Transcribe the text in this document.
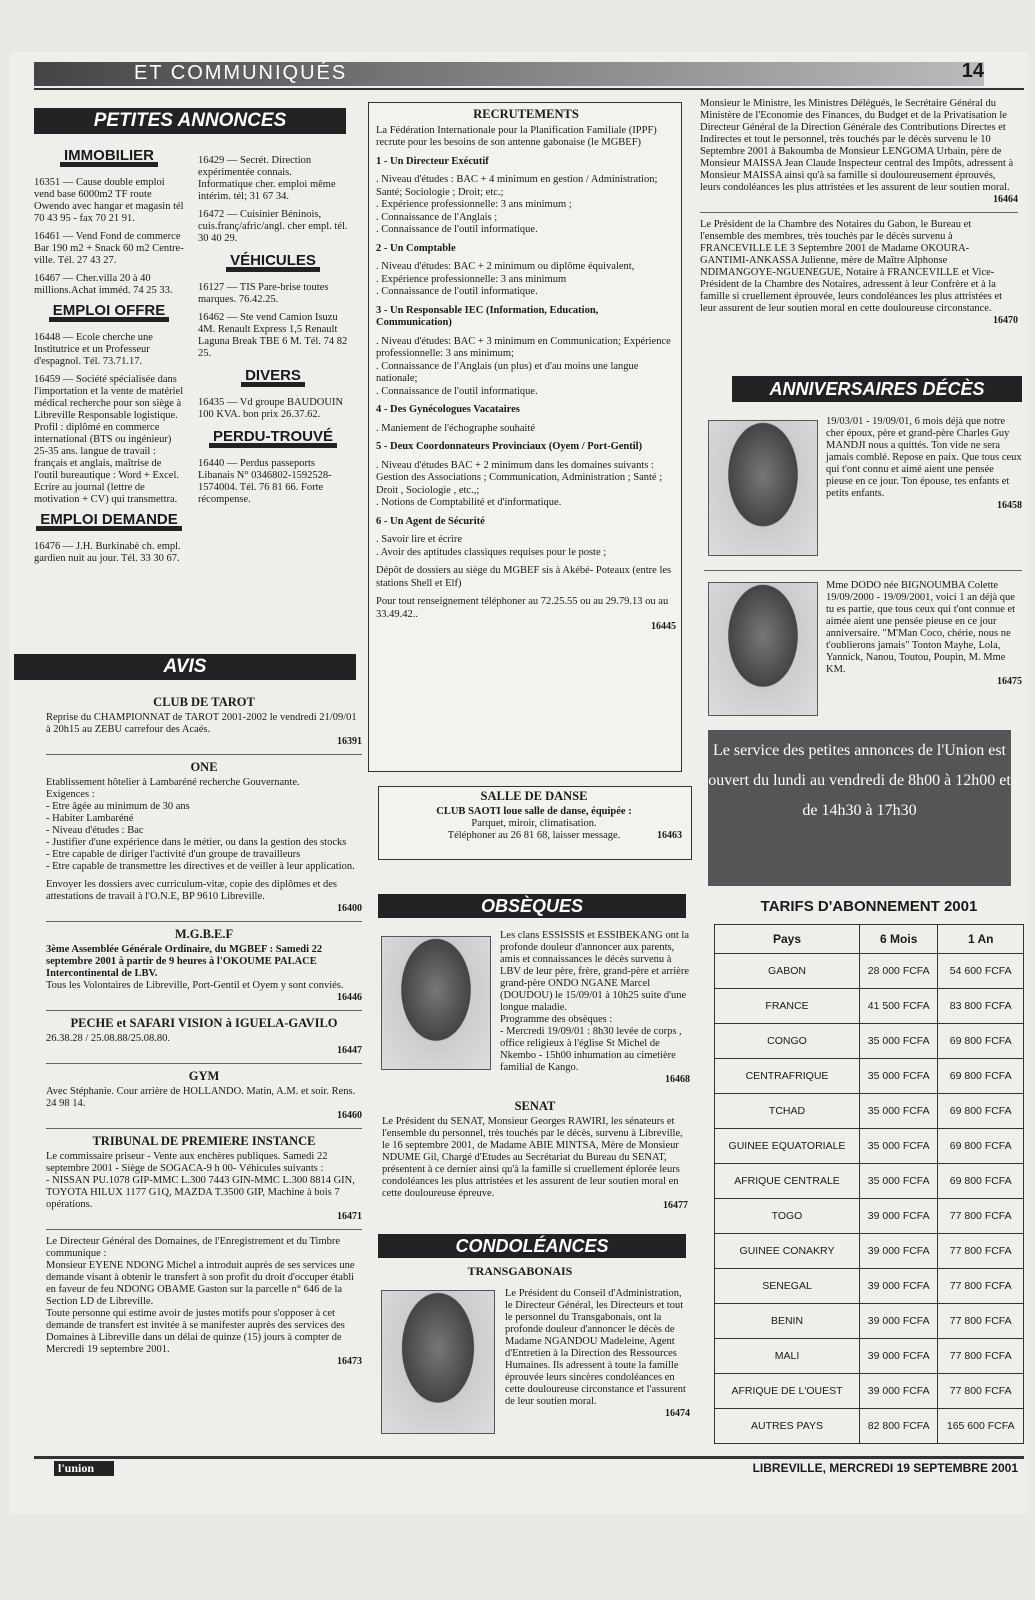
ET COMMUNIQUÉS	14
PETITES ANNONCES
IMMOBILIER

16351 — Cause double emploi vend base 6000m2 TF route Owendo avec hangar et magasin tél 70 43 95 - fax 70 21 91.

16461 — Vend Fond de commerce Bar 190 m2 + Snack 60 m2 Centre-ville. Tél. 27 43 27.

16467 — Cher.villa 20 à 40 millions.Achat imméd. 74 25 33.

EMPLOI OFFRE

16448 — Ecole cherche une Institutrice et un Professeur d'espagnol. Tél. 73.71.17.

16459 — Société spécialisée dans l'importation et la vente de matériel médical recherche pour son siège à Libreville Responsable logistique. Profil : diplômé en commerce international (BTS ou ingénieur) 25-35 ans. langue de travail : français et anglais, maîtrise de l'outil bureautique : Word + Excel. Ecrire au journal (lettre de motivation + CV) qui transmettra.

EMPLOI DEMANDE

16476 — J.H. Burkinabè ch. empl. gardien nuit au jour. Tél. 33 30 67.

16429 — Secrét. Direction expérimentée connais. Informatique cher. emploi même intérim. tél; 31 67 34.

16472 — Cuisinier Béninois, cuis.franç/afric/angl. cher empl. tél. 30 40 29.

VÉHICULES

16127 — TIS Pare-brise toutes marques. 76.42.25.

16462 — Ste vend Camion Isuzu 4M. Renault Express 1,5 Renault Laguna Break TBE 6 M. Tél. 74 82 25.

DIVERS

16435 — Vd groupe BAUDOUIN 100 KVA. bon prix 26.37.62.

PERDU-TROUVÉ

16440 — Perdus passeports Libanais N° 0346802-1592528-1574004. Tél. 76 81 66. Forte récompense.

AVIS
CLUB DE TAROT

Reprise du CHAMPIONNAT de TAROT 2001-2002 le vendredi 21/09/01 à 20h15 au ZEBU carrefour des Acaés.

16391
ONE
Etablissement hôtelier à Lambaréné recherche Gouvernante.
Exigences :
- Etre âgée au minimum de 30 ans
- Habiter Lambaréné
- Niveau d'études : Bac
- Justifier d'une expérience dans le métier, ou dans la gestion des stocks
- Etre capable de diriger l'activité d'un groupe de travailleurs
- Etre capable de transmettre les directives et de veiller à leur application.

Envoyer les dossiers avec curriculum-vitæ, copie des diplômes et des attestations de travail à l'O.N.E, BP 9610 Libreville.

16400
M.G.B.E.F
3ème Assemblée Générale Ordinaire, du MGBEF : Samedi 22 septembre 2001 à partir de 9 heures à l'OKOUME PALACE Intercontinental de LBV.
Tous les Volontaires de Libreville, Port-Gentil et Oyem y sont conviés.
16446
PECHE et SAFARI VISION à IGUELA-GAVILO
26.38.28 / 25.08.88/25.08.80.
16447
GYM
Avec Stéphanie. Cour arrière de HOLLANDO. Matin, A.M. et soir. Rens. 24 98 14.
16460
TRIBUNAL DE PREMIERE INSTANCE
Le commissaire priseur - Vente aux enchères publiques. Samedi 22 septembre 2001 - Siège de SOGACA-9 h 00- Véhicules suivants :
- NISSAN PU.1078 GIP-MMC L.300 7443 GIN-MMC L.300 8814 GIN, TOYOTA HILUX 1177 G1Q, MAZDA T.3500 GIP, Machine à bois 7 opérations.
16471
Le Directeur Général des Domaines, de l'Enregistrement et du Timbre communique :
Monsieur EYENE NDONG Michel a introduit auprès de ses services une demande visant à obtenir le transfert à son profit du droit d'occuper établi en faveur de feu NDONG OBAME Gaston sur la parcelle n° 646 de la Section LD de Libreville.
Toute personne qui estime avoir de justes motifs pour s'opposer à cet demande de transfert est invitée à se manifester auprès des services des Domaines à Libreville dans un délai de quinze (15) jours à compter de Mercredi 19 septembre 2001.
16473
RECRUTEMENTS

La Fédération Internationale pour la Planification Familiale (IPPF) recrute pour les besoins de son antenne gabonaise (le MGBEF)

1 - Un Directeur Exécutif

. Niveau d'études : BAC + 4 minimum en gestion / Administration; Santé; Sociologie ; Droit; etc.;
. Expérience professionnelle: 3 ans minimum ;
. Connaissance de l'Anglais ;

. Connaissance de l'outil informatique.

2 - Un Comptable

. Niveau d'études: BAC + 2 minimum ou diplôme équivalent,
. Expérience professionnelle: 3 ans minimum

. Connaissance de l'outil informatique.

3 - Un Responsable IEC (Information, Education, Communication)

. Niveau d'études: BAC + 3 minimum en Communication; Expérience professionnelle: 3 ans minimum;
. Connaissance de l'Anglais (un plus) et d'au moins une langue nationale;

. Connaissance de l'outil informatique.

4 - Des Gynécologues Vacataires

. Maniement de l'échographe souhaité

5 - Deux Coordonnateurs Provinciaux (Oyem / Port-Gentil)

. Niveau d'études BAC + 2 minimum dans les domaines suivants : Gestion des Associations ; Communication, Administration ; Santé ; Droit , Sociologie , etc.,;

. Notions de Comptabilité et d'informatique.

6 - Un Agent de Sécurité

. Savoir lire et écrire

. Avoir des aptitudes classiques requises pour le poste ;

Dépôt de dossiers au siège du MGBEF sis à Akébé- Poteaux (entre les stations Shell et Elf)

Pour tout renseignement téléphoner au 72.25.55 ou au 29.79.13 ou au 33.49.42..
16445
SALLE DE DANSE
CLUB SAOTI loue salle de danse, équipée :
Parquet, miroir, climatisation.
Téléphoner au 26 81 68, laisser message.	16463
OBSÈQUES
Les clans ESSISSIS et ESSIBEKANG ont la profonde douleur d'annoncer aux parents, amis et connaissances le décès survenu à LBV de leur père, frère, grand-père et arrière grand-père ONDO NGANE Marcel (DOUDOU) le 15/09/01 à 10h25 suite d'une longue maladie.
Programme des obsèques :
- Mercredi 19/09/01 : 8h30 levée de corps , office religieux à l'église St Michel de Nkembo - 15h00 inhumation au cimetière familial de Kango.
16468
SENAT
Le Président du SENAT, Monsieur Georges RAWIRI, les sénateurs et l'ensemble du personnel, très touchés par le décès, survenu à Libreville, le 16 septembre 2001, de Madame ABIE MINTSA, Mère de Monsieur NDUME Gil, Chargé d'Etudes au Secrétariat du Bureau du SENAT, présentent à ce dernier ainsi qu'à la famille si cruellement éplorée leurs condoléances les plus attristées et les assurent de leur soutien moral en cette douloureuse épreuve.
16477
CONDOLÉANCES
TRANSGABONAIS
Le Président du Conseil d'Administration, le Directeur Général, les Directeurs et tout le personnel du Transgabonais, ont la profonde douleur d'annoncer le décès de Madame NGANDOU Madeleine, Agent d'Entretien à la Direction des Ressources Humaines. Ils adressent à toute la famille éprouvée leurs sincères condoléances en cette douloureuse circonstance et l'assurent de leur soutien moral.
16474
Monsieur le Ministre, les Ministres Délégués, le Secrétaire Général du Ministère de l'Economie des Finances, du Budget et de la Privatisation le Directeur Général de la Direction Générale des Contributions Directes et Indirectes et tout le personnel, très touchés par le décès survenu le 10 Septembre 2001 à Bakoumba de Monsieur LENGOMA Urbain, père de Monsieur MAISSA Jean Claude Inspecteur central des Impôts, adressent à Monsieur MAISSA ainsi qu'à sa famille si douloureusement éprouvés, leurs condoléances les plus attristées et les assurent de leur soutien moral.
16464
Le Président de la Chambre des Notaires du Gabon, le Bureau et l'ensemble des membres, très touchés par le décès survenu à FRANCEVILLE LE 3 Septembre 2001 de Madame OKOURA-GANTIMI-ANKASSA Julienne, mère de Maître Alphonse NDIMANGOYE-NGUENEGUE, Notaire à FRANCEVILLE et Vice-Président de la Chambre des Notaires, adressent à leur Confrère et à la famille si cruellement éprouvée, leurs condoléances les plus attristées et leur assurent de leur soutien moral en cette douloureuse circonstance.
16470
ANNIVERSAIRES DÉCÈS
19/03/01 - 19/09/01, 6 mois déjà que notre cher époux, père et grand-père Charles Guy MANDJI nous a quittés. Ton vide ne sera jamais comblé. Repose en paix. Que tous ceux qui t'ont connu et aimé aient une pensée pieuse en ce jour. Ton épouse, tes enfants et petits enfants.
16458
Mme DODO née BIGNOUMBA Colette 19/09/2000 - 19/09/2001, voici 1 an déjà que tu es partie, que tous ceux qui t'ont connue et aimée aient une pensée pieuse en ce jour anniversaire. "M'Man Coco, chérie, nous ne t'oublierons jamais" Tonton Mayhe, Lola, Yannick, Nanou, Toutou, Poupin, M. Mme KM.
16475
Le service des petites annonces de l'Union est ouvert du lundi au vendredi de 8h00 à 12h00 et de 14h30 à 17h30
TARIFS D'ABONNEMENT 2001
Pays	6 Mois	1 An
GABON	28 000 FCFA	54 600 FCFA
FRANCE	41 500 FCFA	83 800 FCFA
CONGO	35 000 FCFA	69 800 FCFA
CENTRAFRIQUE	35 000 FCFA	69 800 FCFA
TCHAD	35 000 FCFA	69 800 FCFA
GUINEE EQUATORIALE	35 000 FCFA	69 800 FCFA
AFRIQUE CENTRALE	35 000 FCFA	69 800 FCFA
TOGO	39 000 FCFA	77 800 FCFA
GUINEE CONAKRY	39 000 FCFA	77 800 FCFA
SENEGAL	39 000 FCFA	77 800 FCFA
BENIN	39 000 FCFA	77 800 FCFA
MALI	39 000 FCFA	77 800 FCFA
AFRIQUE DE L'OUEST	39 000 FCFA	77 800 FCFA
AUTRES PAYS	82 800 FCFA	165 600 FCFA
l'union	LIBREVILLE, MERCREDI 19 SEPTEMBRE 2001
